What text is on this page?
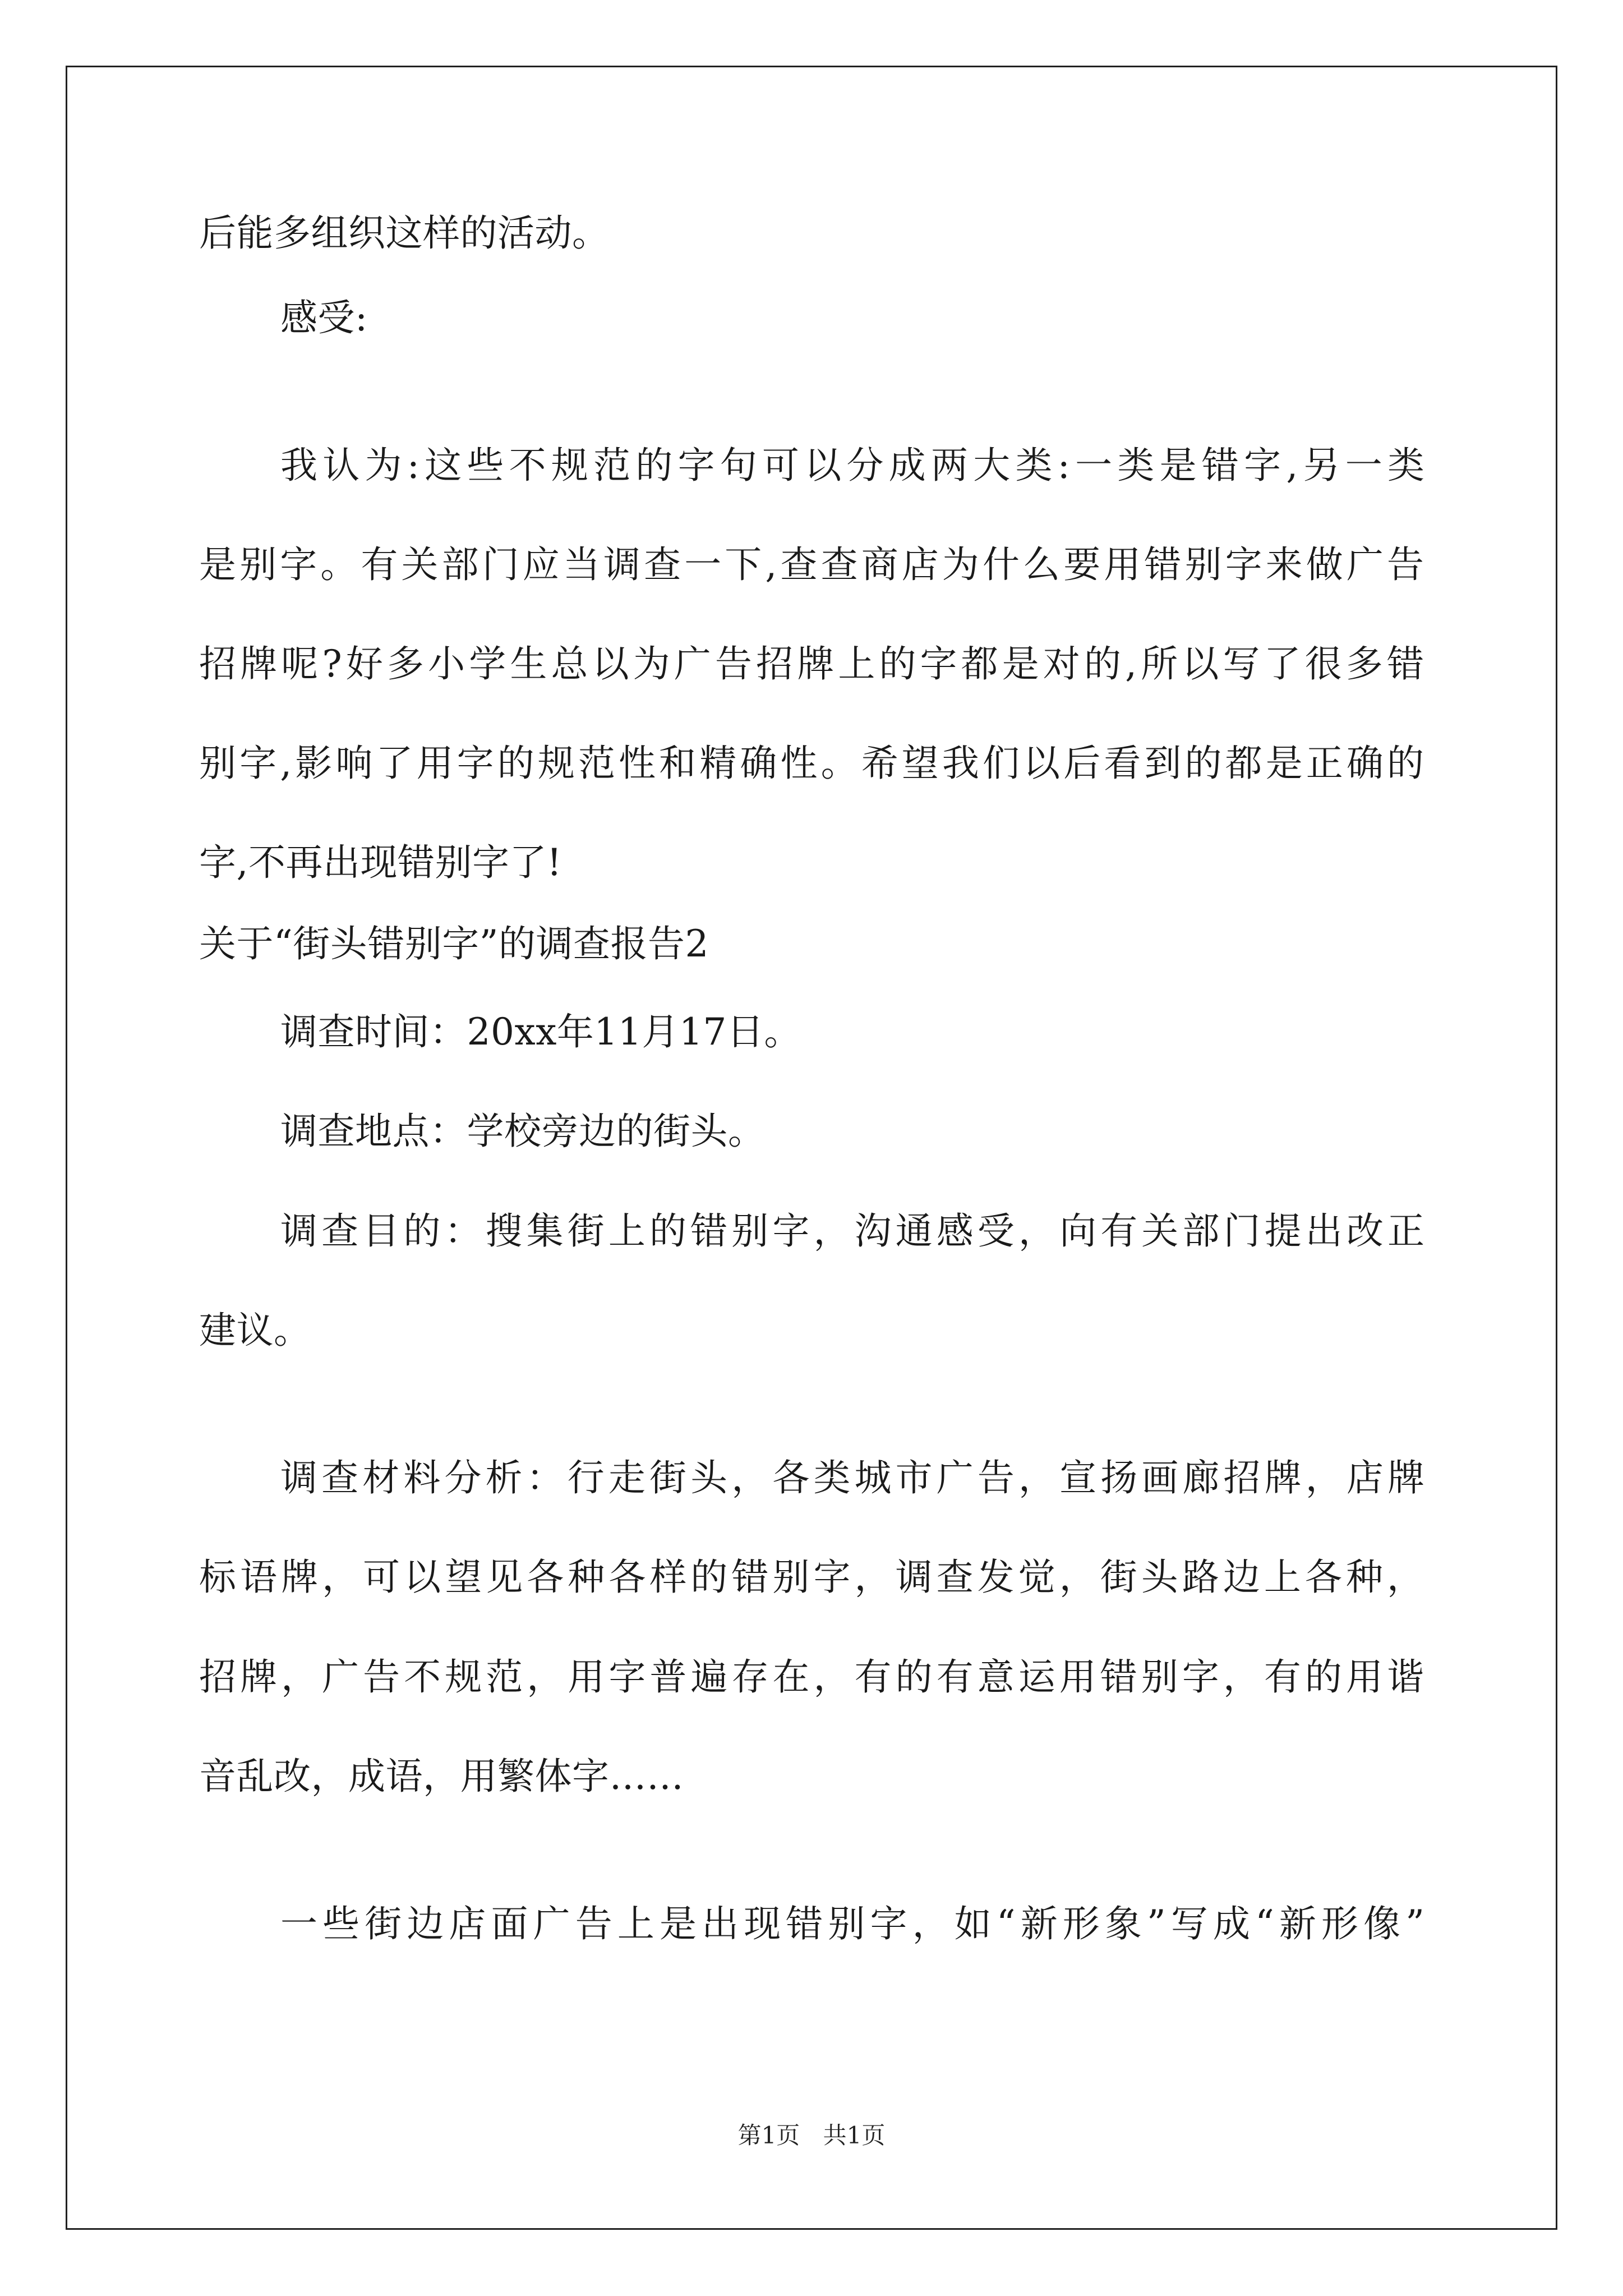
后能多组织这样的活动。
感受:
我认为:这些不规范的字句可以分成两大类:一类是错字,另一类
是别字。有关部门应当调查一下,查查商店为什么要用错别字来做广告
招牌呢?好多小学生总以为广告招牌上的字都是对的,所以写了很多错
别字,影响了用字的规范性和精确性。希望我们以后看到的都是正确的
字,不再出现错别字了!
关于“街头错别字”的调查报告2
调查时间：20xx年11月17日。
调查地点：学校旁边的街头。
调查目的：搜集街上的错别字，沟通感受，向有关部门提出改正
建议。
调查材料分析：行走街头，各类城市广告，宣扬画廊招牌，店牌
标语牌，可以望见各种各样的错别字，调查发觉，街头路边上各种，
招牌，广告不规范，用字普遍存在，有的有意运用错别字，有的用谐
音乱改，成语，用繁体字……
一些街边店面广告上是出现错别字，如“新形象”写成“新形像”
第1页 共1页
